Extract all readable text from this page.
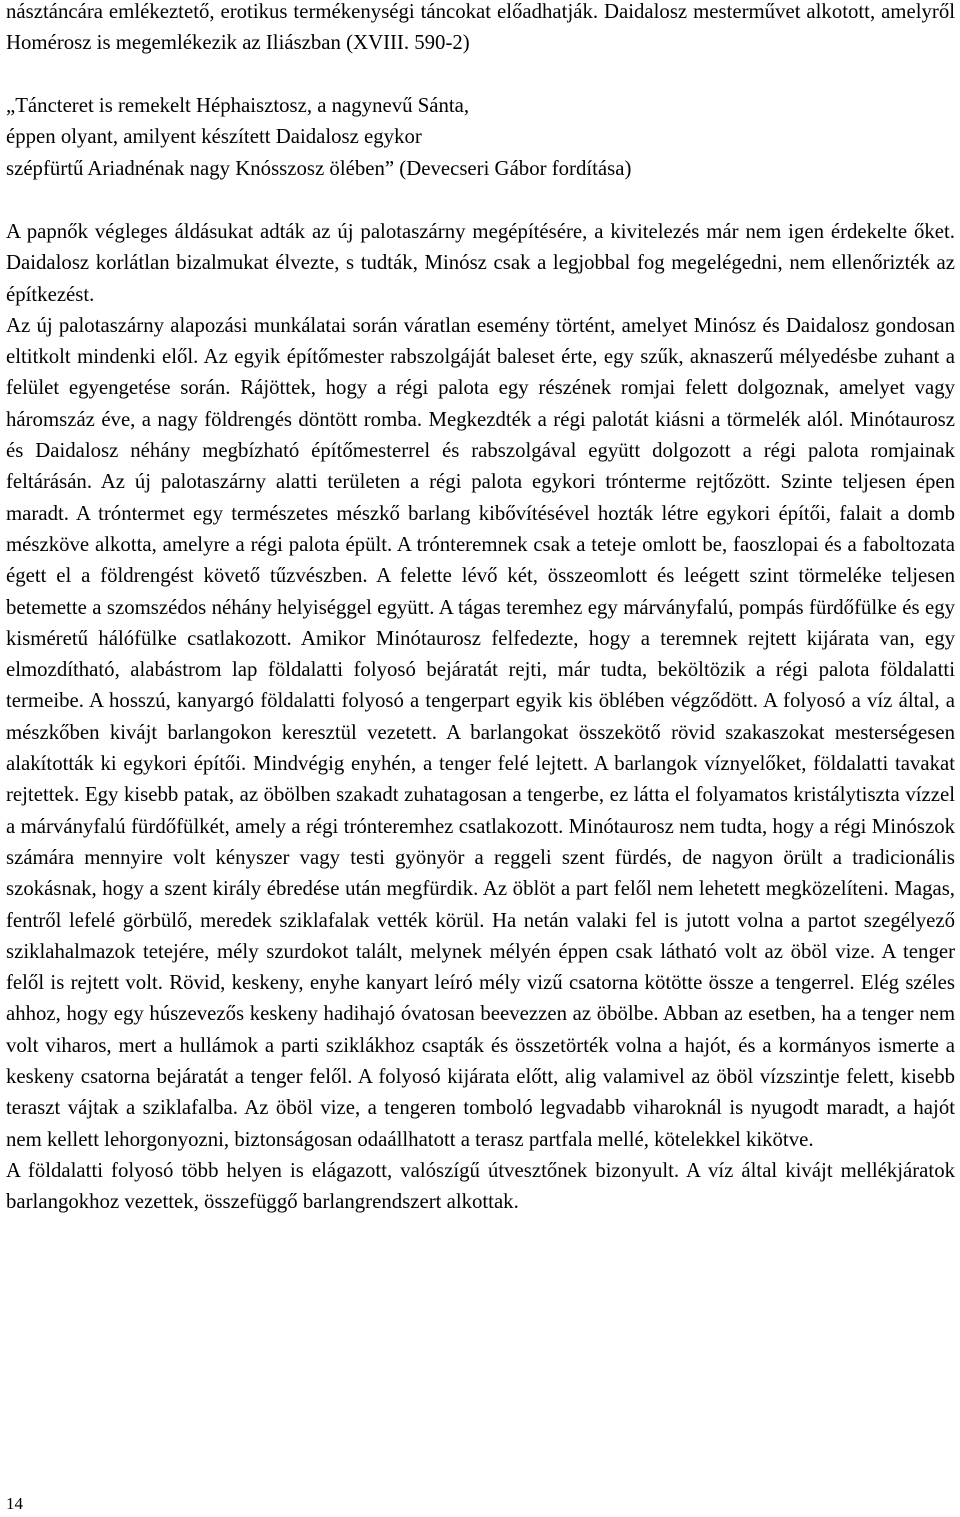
násztáncára emlékeztető, erotikus termékenységi táncokat előadhatják. Daidalosz mesterművet alkotott, amelyről Homérosz is megemlékezik az Iliászban (XVIII. 590-2)

„Táncteret is remekelt Héphaisztosz, a nagynevű Sánta,
éppen olyant, amilyent készített Daidalosz egykor
szépfürtű Ariadnénak nagy Knósszosz ölében” (Devecseri Gábor fordítása)

A papnők végleges áldásukat adták az új palotaszárny megépítésére, a kivitelezés már nem igen érdekelte őket. Daidalosz korlátlan bizalmukat élvezte, s tudták, Minósz csak a legjobbal fog megelégedni, nem ellenőrizték az építkezést.

Az új palotaszárny alapozási munkálatai során váratlan esemény történt, amelyet Minósz és Daidalosz gondosan eltitkolt mindenki elől. Az egyik építőmester rabszolgáját baleset érte, egy szűk, aknaszerű mélyedésbe zuhant a felület egyengetése során. Rájöttek, hogy a régi palota egy részének romjai felett dolgoznak, amelyet vagy háromszáz éve, a nagy földrengés döntött romba. Megkezdték a régi palotát kiásni a törmelék alól. Minótaurosz és Daidalosz néhány megbízható építőmesterrel és rabszolgával együtt dolgozott a régi palota romjainak feltárásán. Az új palotaszárny alatti területen a régi palota egykori trónterme rejtőzött. Szinte teljesen épen maradt. A tróntermet egy természetes mészkő barlang kibővítésével hozták létre egykori építői, falait a domb mészköve alkotta, amelyre a régi palota épült. A trónteremnek csak a teteje omlott be, faoszlopai és a faboltozata égett el a földrengést követő tűzvészben. A felette lévő két, összeomlott és leégett szint törmeléke teljesen betemette a szomszédos néhány helyiséggel együtt. A tágas teremhez egy márványfalú, pompás fürdőfülke és egy kisméretű hálófülke csatlakozott. Amikor Minótaurosz felfedezte, hogy a teremnek rejtett kijárata van, egy elmozdítható, alabástrom lap földalatti folyosó bejáratát rejti, már tudta, beköltözik a régi palota földalatti termeibe. A hosszú, kanyargó földalatti folyosó a tengerpart egyik kis öblében végződött. A folyosó a víz által, a mészkőben kivájt barlangokon keresztül vezetett. A barlangokat összekötő rövid szakaszokat mesterségesen alakították ki egykori építői. Mindvégig enyhén, a tenger felé lejtett. A barlangok víznyelőket, földalatti tavakat rejtettek. Egy kisebb patak, az öbölben szakadt zuhatagosan a tengerbe, ez látta el folyamatos kristálytiszta vízzel a márványfalú fürdőfülkét, amely a régi trónteremhez csatlakozott. Minótaurosz nem tudta, hogy a régi Minószok számára mennyire volt kényszer vagy testi gyönyör a reggeli szent fürdés, de nagyon örült a tradicionális szokásnak, hogy a szent király ébredése után megfürdik. Az öblöt a part felől nem lehetett megközelíteni. Magas, fentről lefelé görbülő, meredek sziklafalak vették körül. Ha netán valaki fel is jutott volna a partot szegélyező sziklahalmazok tetejére, mély szurdokot talált, melynek mélyén éppen csak látható volt az öböl vize. A tenger felől is rejtett volt. Rövid, keskeny, enyhe kanyart leíró mély vizű csatorna kötötte össze a tengerrel. Elég széles ahhoz, hogy egy húszevezős keskeny hadihajó óvatosan beevezzen az öbölbe. Abban az esetben, ha a tenger nem volt viharos, mert a hullámok a parti sziklákhoz csapták és összetörték volna a hajót, és a kormányos ismerte a keskeny csatorna bejáratát a tenger felől. A folyosó kijárata előtt, alig valamivel az öböl vízszintje felett, kisebb teraszt vájtak a sziklafalba. Az öböl vize, a tengeren tomboló legvadabb viharoknál is nyugodt maradt, a hajót nem kellett lehorgonyozni, biztonságosan odaállhatott a terasz partfala mellé, kötelekkel kikötve.

A földalatti folyosó több helyen is elágazott, valószígű útvesztőnek bizonyult. A víz által kivájt mellékjáratok barlangokhoz vezettek, összefüggő barlangrendszert alkottak.

14
